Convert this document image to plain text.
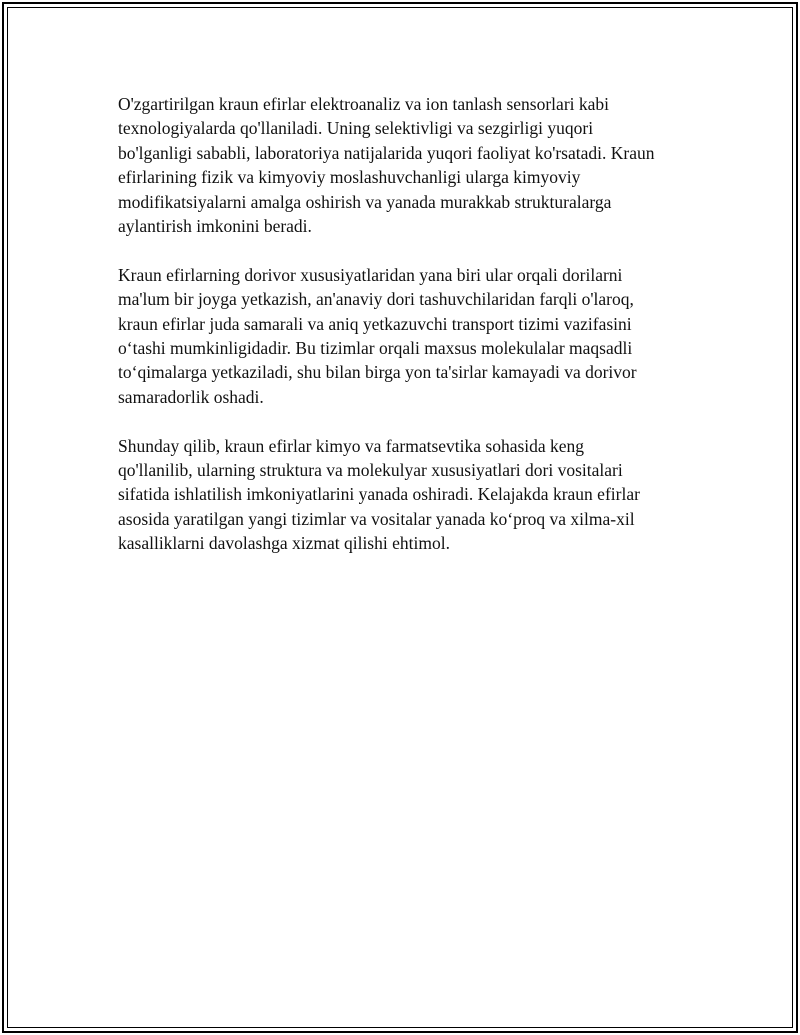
O'zgartirilgan kraun efirlar elektroanaliz va ion tanlash sensorlari kabi
texnologiyalarda qo'llaniladi. Uning selektivligi va sezgirligi yuqori
bo'lganligi sababli, laboratoriya natijalarida yuqori faoliyat ko'rsatadi. Kraun
efirlarining fizik va kimyoviy moslashuvchanligi ularga kimyoviy
modifikatsiyalarni amalga oshirish va yanada murakkab strukturalarga
aylantirish imkonini beradi.

Kraun efirlarning dorivor xususiyatlaridan yana biri ular orqali dorilarni
ma'lum bir joyga yetkazish, an'anaviy dori tashuvchilaridan farqli o'laroq,
kraun efirlar juda samarali va aniq yetkazuvchi transport tizimi vazifasini
o‘tashi mumkinligidadir. Bu tizimlar orqali maxsus molekulalar maqsadli
to‘qimalarga yetkaziladi, shu bilan birga yon ta'sirlar kamayadi va dorivor
samaradorlik oshadi.

Shunday qilib, kraun efirlar kimyo va farmatsevtika sohasida keng
qo'llanilib, ularning struktura va molekulyar xususiyatlari dori vositalari
sifatida ishlatilish imkoniyatlarini yanada oshiradi. Kelajakda kraun efirlar
asosida yaratilgan yangi tizimlar va vositalar yanada ko‘proq va xilma-xil
kasalliklarni davolashga xizmat qilishi ehtimol.
